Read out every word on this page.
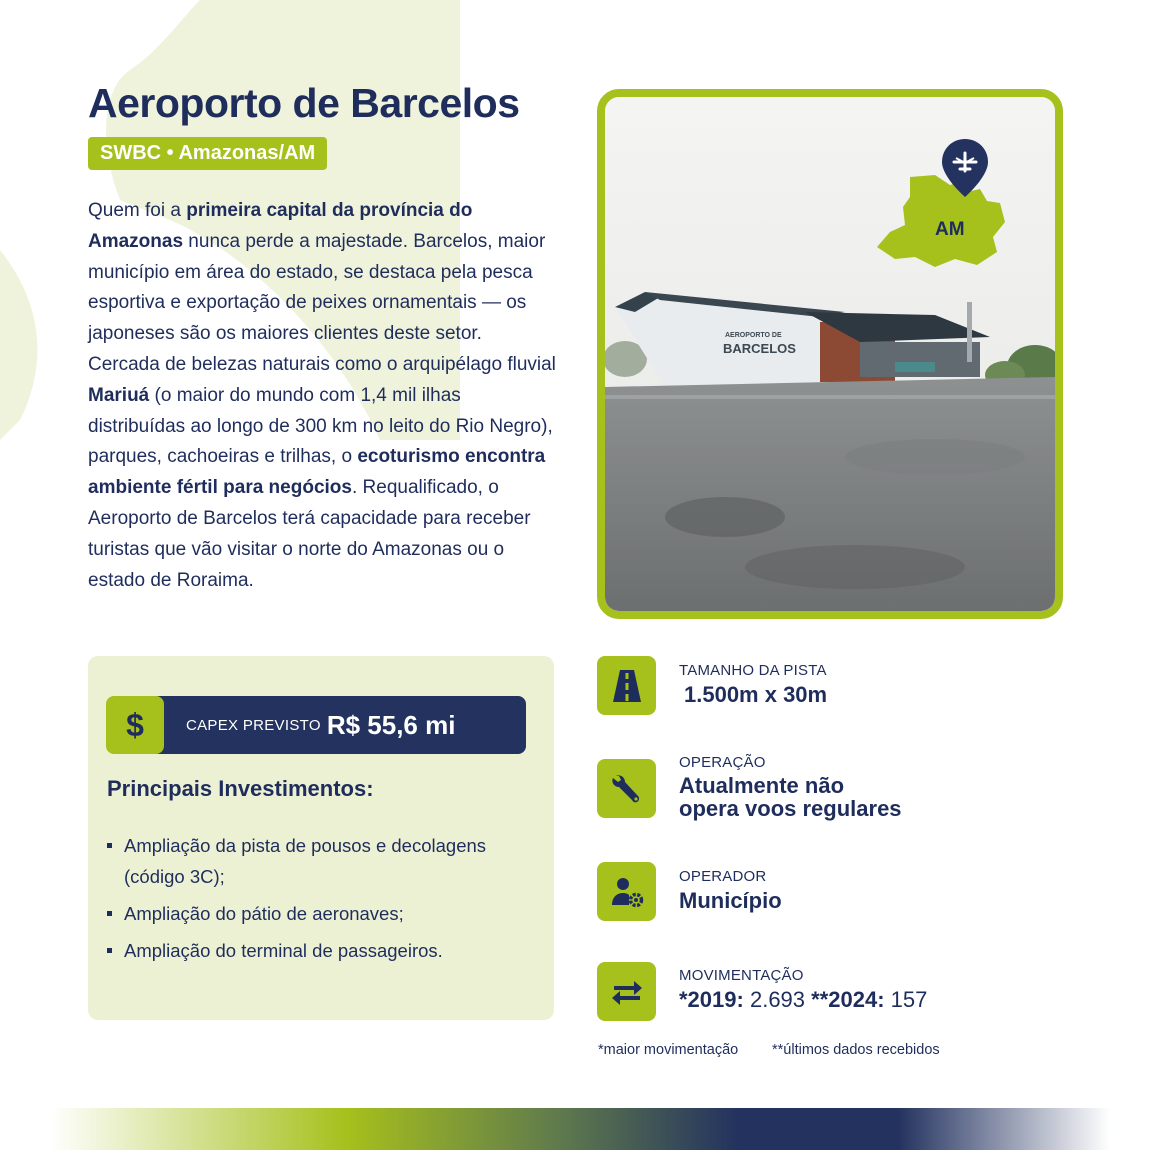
Aeroporto de Barcelos
SWBC • Amazonas/AM

Quem foi a primeira capital da província do Amazonas nunca perde a majestade. Barcelos, maior município em área do estado, se destaca pela pesca esportiva e exportação de peixes ornamentais — os japoneses são os maiores clientes deste setor. Cercada de belezas naturais como o arquipélago fluvial Mariuá (o maior do mundo com 1,4 mil ilhas distribuídas ao longo de 300 km no leito do Rio Negro), parques, cachoeiras e trilhas, o ecoturismo encontra ambiente fértil para negócios. Requalificado, o Aeroporto de Barcelos terá capacidade para receber turistas que vão visitar o norte do Amazonas ou o estado de Roraima.

AEROPORTO DE
BARCELOS
AM
$	CAPEX PREVISTO R$ 55,6 mi
Principais Investimentos:
Ampliação da pista de pousos e decolagens (código 3C);
Ampliação do pátio de aeronaves;
Ampliação do terminal de passageiros.
TAMANHO DA PISTA
1.500m x 30m
OPERAÇÃO
Atualmente não
opera voos regulares
OPERADOR
Município
MOVIMENTAÇÃO
*2019: 2.693 **2024: 157
*maior movimentação **últimos dados recebidos
